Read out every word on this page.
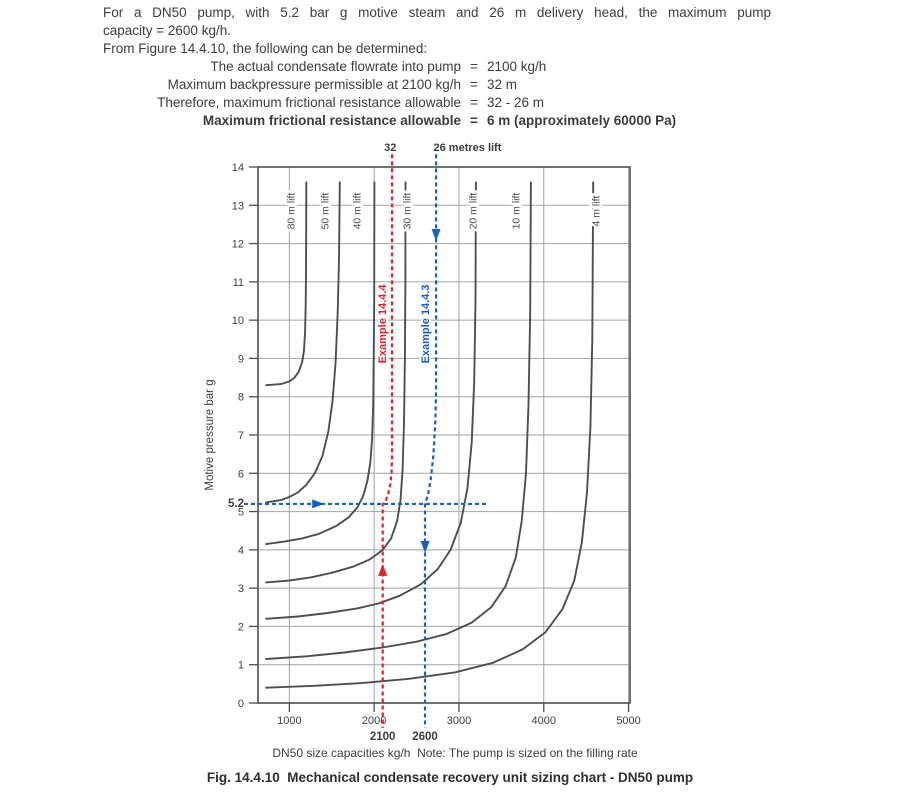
For a DN50 pump, with 5.2 bar g motive steam and 26 m delivery head, the maximum pump
capacity = 2600 kg/h.
From Figure 14.4.10, the following can be determined:
The actual condensate flowrate into pump = 2100 kg/h
Maximum backpressure permissible at 2100 kg/h = 32 m
Therefore, maximum frictional resistance allowable = 32 - 26 m
Maximum frictional resistance allowable = 6 m (approximately 60000 Pa)
0
1
2
3
4
5
6
7
8
9
10
11
12
13
14
1000	2000	3000	4000	5000
5.2
2100 2600
Motive pressure bar g
80 m lift 50 m lift 40 m lift	30 m lift	20 m lift	10 m lift	4 m lift
32
Example 14.4.4
26 metres lift
Example 14.4.3
DN50 size capacities kg/h  Note: The pump is sized on the filling rate
Fig. 14.4.10  Mechanical condensate recovery unit sizing chart - DN50 pump
